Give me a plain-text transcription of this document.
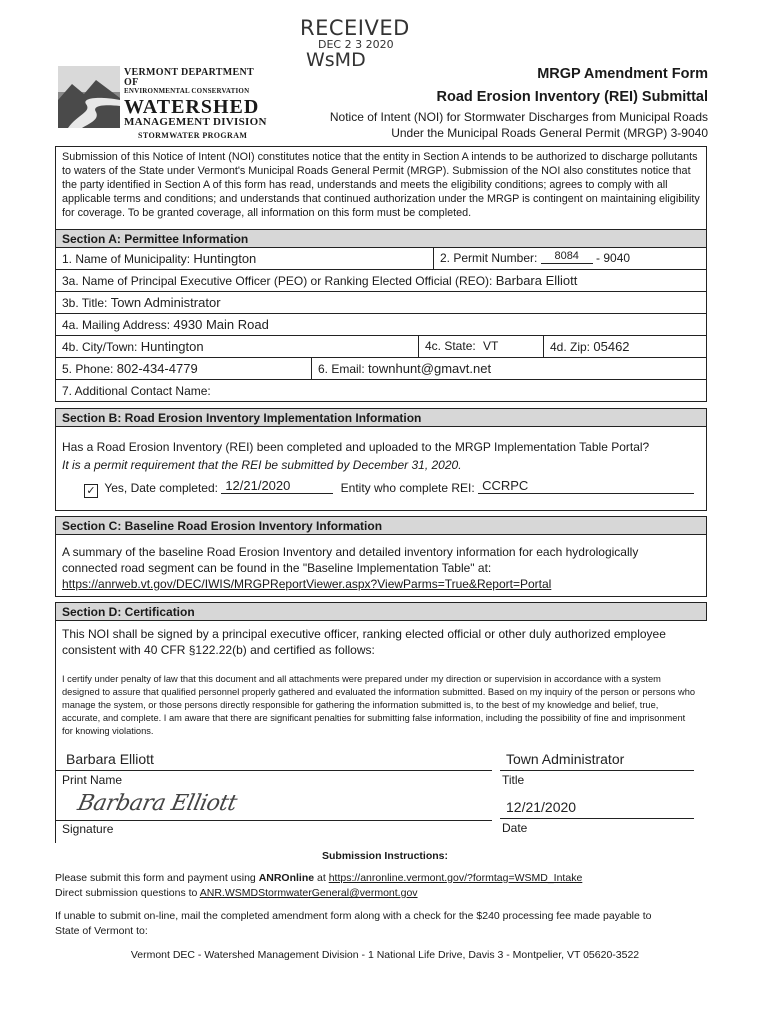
RECEIVED
DEC 2 3 2020
WsMD
VERMONT DEPARTMENT OF
ENVIRONMENTAL CONSERVATION
WATERSHED
MANAGEMENT DIVISION
STORMWATER PROGRAM
MRGP Amendment Form
Road Erosion Inventory (REI) Submittal
Notice of Intent (NOI) for Stormwater Discharges from Municipal Roads
Under the Municipal Roads General Permit (MRGP) 3-9040
Submission of this Notice of Intent (NOI) constitutes notice that the entity in Section A intends to be authorized to discharge pollutants to waters of the State under Vermont's Municipal Roads General Permit (MRGP). Submission of the NOI also constitutes notice that the party identified in Section A of this form has read, understands and meets the eligibility conditions; agrees to comply with all applicable terms and conditions; and understands that continued authorization under the MRGP is contingent on maintaining eligibility for coverage. To be granted coverage, all information on this form must be completed.
Section A: Permittee Information
1. Name of Municipality: Huntington	2. Permit Number: 8084 - 9040
3a. Name of Principal Executive Officer (PEO) or Ranking Elected Official (REO): Barbara Elliott
3b. Title: Town Administrator
4a. Mailing Address: 4930 Main Road
4b. City/Town: Huntington	4c. State: VT	4d. Zip: 05462
5. Phone: 802-434-4779	6. Email: townhunt@gmavt.net
7. Additional Contact Name:
Section B: Road Erosion Inventory Implementation Information
Has a Road Erosion Inventory (REI) been completed and uploaded to the MRGP Implementation Table Portal?
It is a permit requirement that the REI be submitted by December 31, 2020.
✓ Yes, Date completed: 12/21/2020	Entity who complete REI: CCRPC
Section C: Baseline Road Erosion Inventory Information
A summary of the baseline Road Erosion Inventory and detailed inventory information for each hydrologically
connected road segment can be found in the "Baseline Implementation Table" at:
https://anrweb.vt.gov/DEC/IWIS/MRGPReportViewer.aspx?ViewParms=True&Report=Portal
Section D: Certification
This NOI shall be signed by a principal executive officer, ranking elected official or other duly authorized employee
consistent with 40 CFR §122.22(b) and certified as follows:
I certify under penalty of law that this document and all attachments were prepared under my direction or supervision in accordance with a system designed to assure that qualified personnel properly gathered and evaluated the information submitted. Based on my inquiry of the person or persons who manage the system, or those persons directly responsible for gathering the information submitted is, to the best of my knowledge and belief, true, accurate, and complete. I am aware that there are significant penalties for submitting false information, including the possibility of fine and imprisonment for knowing violations.
Barbara Elliott
Print Name
Town Administrator
Title
Barbara Elliott
Signature
12/21/2020
Date
Submission Instructions:
Please submit this form and payment using ANROnline at https://anronline.vermont.gov/?formtag=WSMD_Intake
Direct submission questions to ANR.WSMDStormwaterGeneral@vermont.gov
If unable to submit on-line, mail the completed amendment form along with a check for the $240 processing fee made payable to
State of Vermont to:
Vermont DEC - Watershed Management Division - 1 National Life Drive, Davis 3 - Montpelier, VT 05620-3522
